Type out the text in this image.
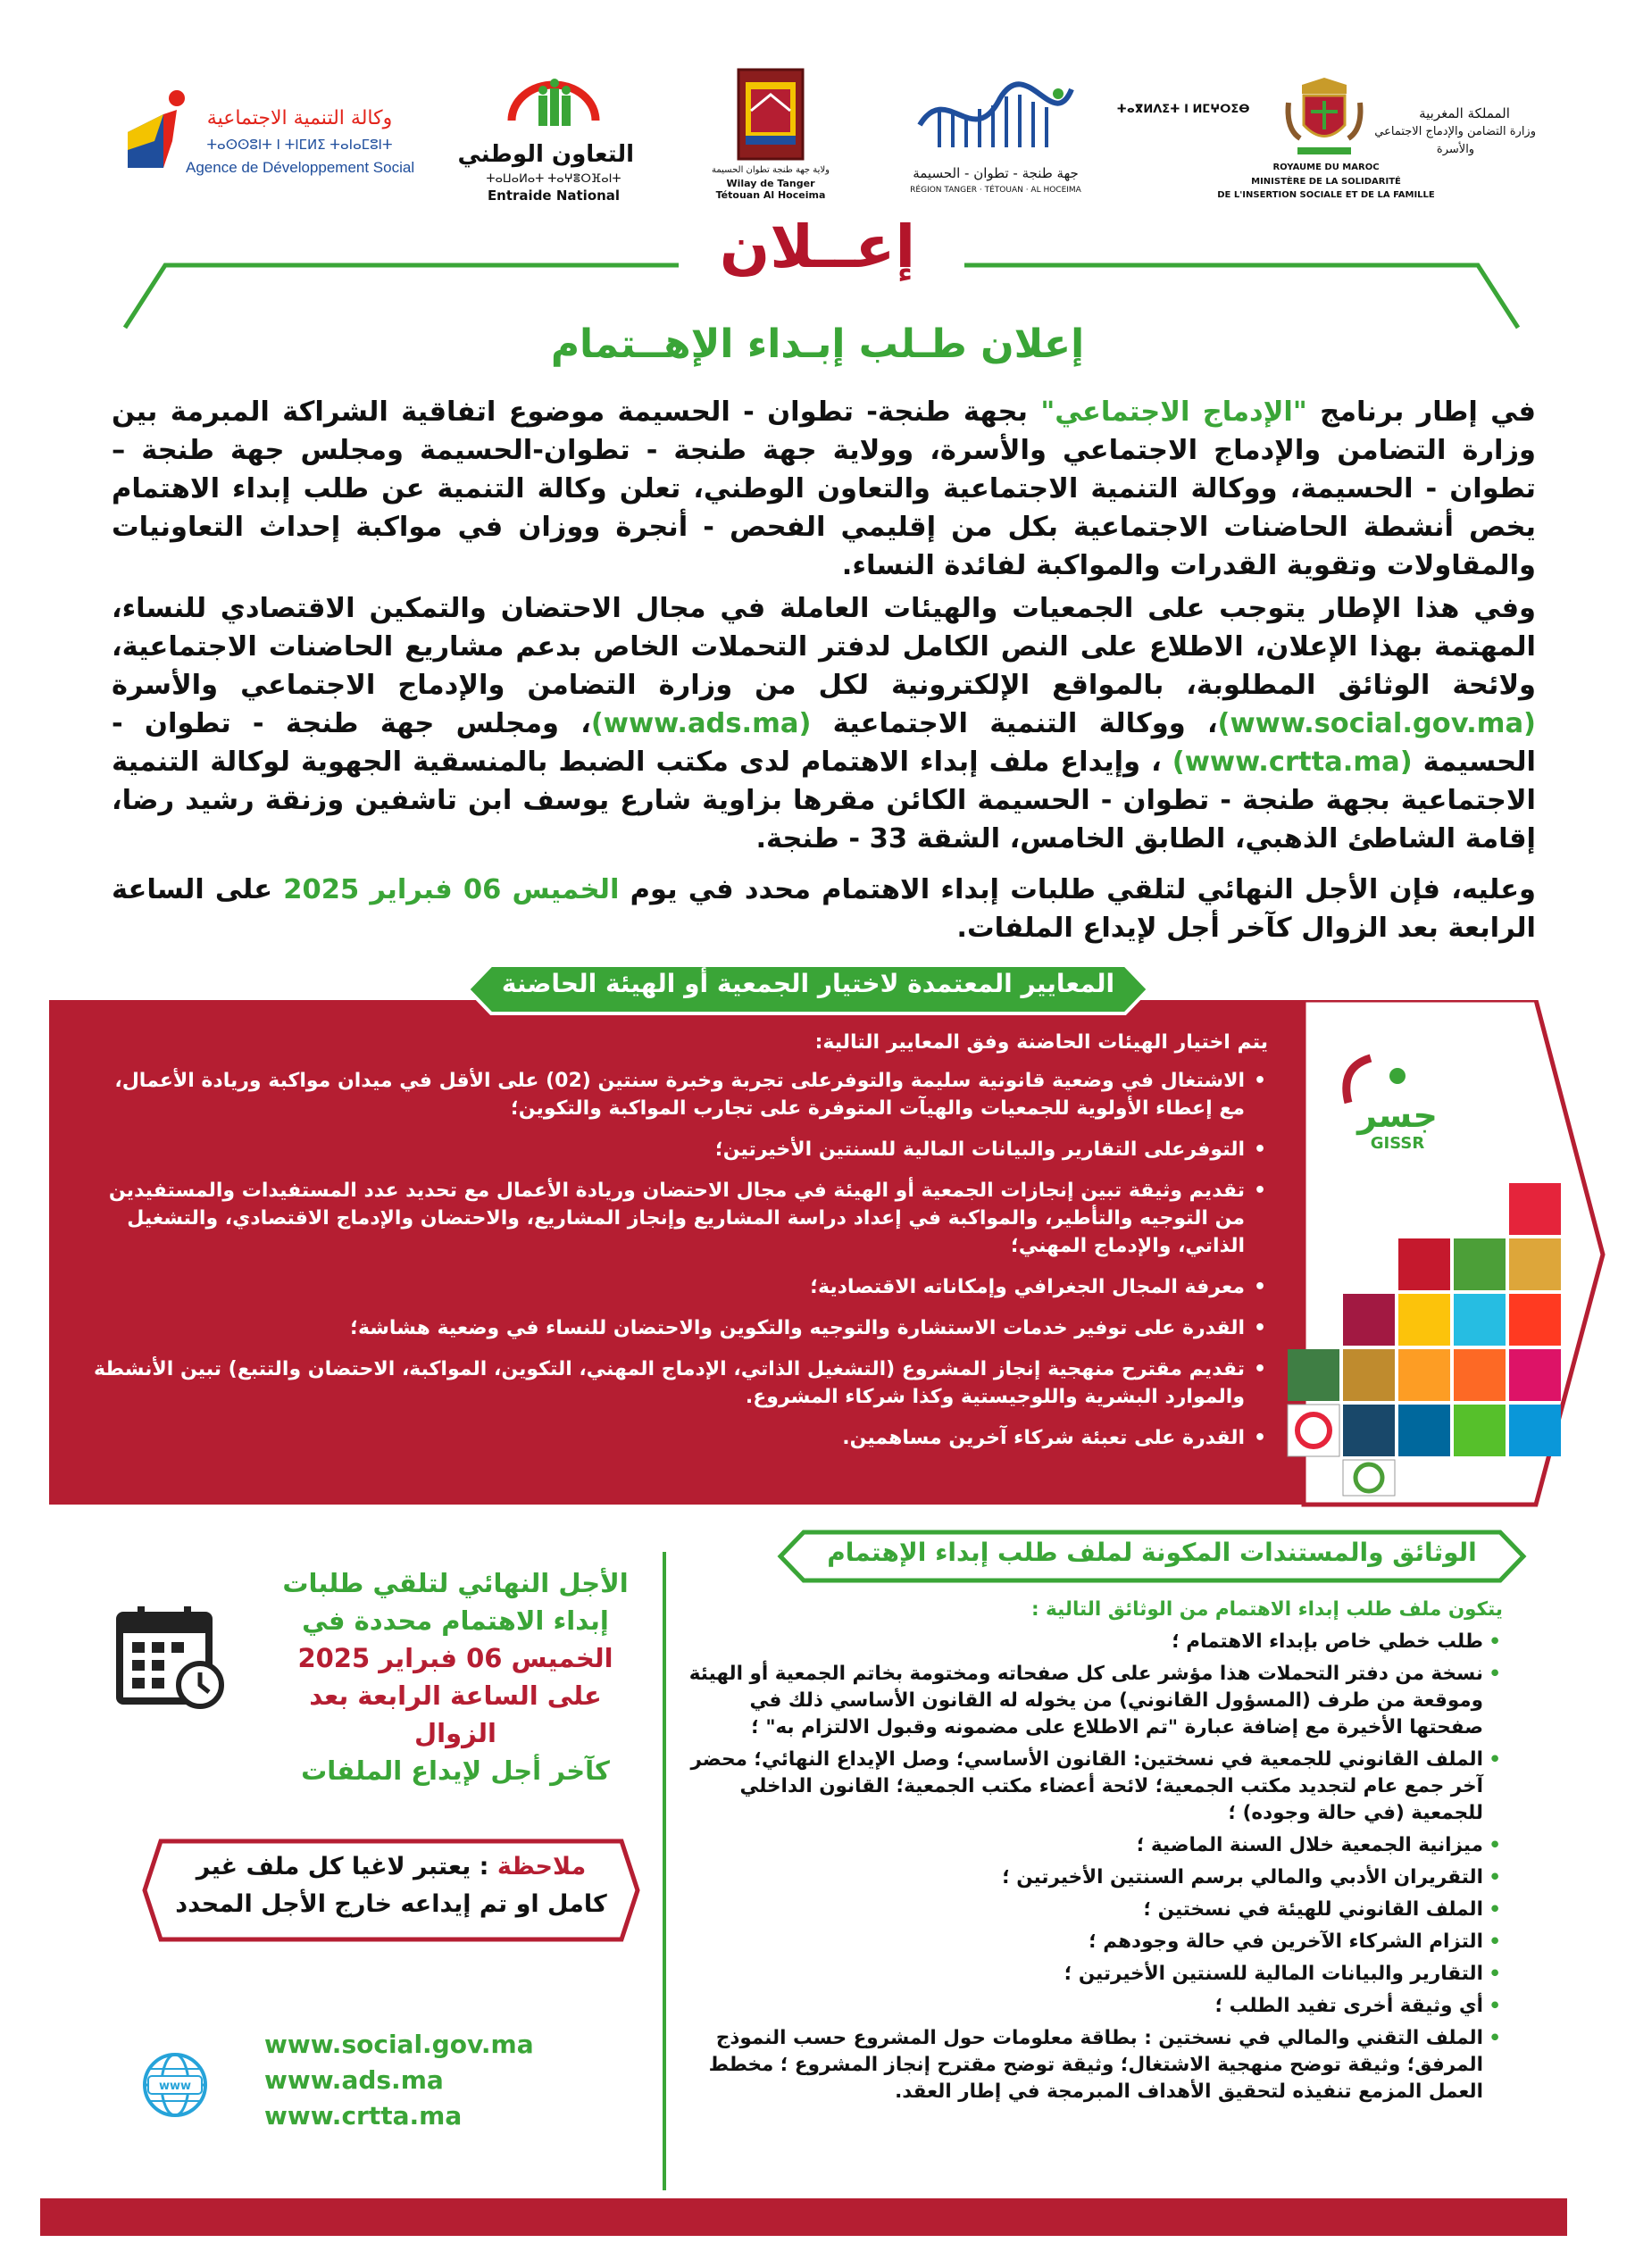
وكالة التنمية الاجتماعية
ⵜⴰⵙⵙⵓⵏⵜ ⵏ ⵜⵏⵎⵍⵉ ⵜⴰⵏⴰⵎⵓⵏⵜ
Agence de Développement Social التعاون الوطني
ⵜⴰⵡⴰⵍⴰⵜ ⵜⴰⵖⴻⵔⴼⴰⵏⵜ
Entraide National
ولاية جهة طنجة تطوان الحسيمة
Wilay de Tanger
Tétouan Al Hoceima
جهة طنجة - تطوان - الحسيمة
RÉGION TANGER · TÉTOUAN · AL HOCEIMA
ⵜⴰⴳⵍⴷⵉⵜ ⵏ ⵍⵎⵖⵔⵉⴱ	المملكة المغربية
وزارة التضامن والإدماج الاجتماعي
والأسرة
ROYAUME DU MAROC
MINISTÈRE DE LA SOLIDARITÉ
DE L'INSERTION SOCIALE ET DE LA FAMILLE
إعــلان
إعلان طـلب إبـداء الإهــتمام
في إطار برنامج "الإدماج الاجتماعي" بجهة طنجة- تطوان - الحسيمة موضوع اتفاقية الشراكة المبرمة بين وزارة التضامن والإدماج الاجتماعي والأسرة، وولاية جهة طنجة - تطوان-الحسيمة ومجلس جهة طنجة – تطوان - الحسيمة، ووكالة التنمية الاجتماعية والتعاون الوطني، تعلن وكالة التنمية عن طلب إبداء الاهتمام يخص أنشطة الحاضنات الاجتماعية بكل من إقليمي الفحص - أنجرة ووزان في مواكبة إحداث التعاونيات والمقاولات وتقوية القدرات والمواكبة لفائدة النساء.
وفي هذا الإطار يتوجب على الجمعيات والهيئات العاملة في مجال الاحتضان والتمكين الاقتصادي للنساء، المهتمة بهذا الإعلان، الاطلاع على النص الكامل لدفتر التحملات الخاص بدعم مشاريع الحاضنات الاجتماعية، ولائحة الوثائق المطلوبة، بالمواقع الإلكترونية لكل من وزارة التضامن والإدماج الاجتماعي والأسرة (www.social.gov.ma)، ووكالة التنمية الاجتماعية (www.ads.ma)، ومجلس جهة طنجة - تطوان - الحسيمة (www.crtta.ma) ، وإيداع ملف إبداء الاهتمام لدى مكتب الضبط بالمنسقية الجهوية لوكالة التنمية الاجتماعية بجهة طنجة - تطوان - الحسيمة الكائن مقرها بزاوية شارع يوسف ابن تاشفين وزنقة رشيد رضا، إقامة الشاطئ الذهبي، الطابق الخامس، الشقة 33 - طنجة.
وعليه، فإن الأجل النهائي لتلقي طلبات إبداء الاهتمام محدد في يوم الخميس 06 فبراير 2025 على الساعة الرابعة بعد الزوال كآخر أجل لإيداع الملفات.
المعايير المعتمدة لاختيار الجمعية أو الهيئة الحاضنة
يتم اختيار الهيئات الحاضنة وفق المعايير التالية:
• الاشتغال في وضعية قانونية سليمة والتوفرعلى تجربة وخبرة سنتين (02) على الأقل في ميدان مواكبة وريادة الأعمال، مع إعطاء الأولوية للجمعيات والهيآت المتوفرة على تجارب المواكبة والتكوين؛
• التوفرعلى التقارير والبيانات المالية للسنتين الأخيرتين؛
• تقديم وثيقة تبين إنجازات الجمعية أو الهيئة في مجال الاحتضان وريادة الأعمال مع تحديد عدد المستفيدات والمستفيدين من التوجيه والتأطير، والمواكبة في إعداد دراسة المشاريع وإنجاز المشاريع، والاحتضان والإدماج الاقتصادي، والتشغيل الذاتي، والإدماج المهني؛
• معرفة المجال الجغرافي وإمكاناته الاقتصادية؛
• القدرة على توفير خدمات الاستشارة والتوجيه والتكوين والاحتضان للنساء في وضعية هشاشة؛
• تقديم مقترح منهجية إنجاز المشروع (التشغيل الذاتي، الإدماج المهني، التكوين، المواكبة، الاحتضان والتتبع) تبين الأنشطة والموارد البشرية واللوجيستية وكذا شركاء المشروع.
• القدرة على تعبئة شركاء آخرين مساهمين.
جسر
GISSR
الوثائق والمستندات المكونة لملف طلب إبداء الإهتمام
يتكون ملف طلب إبداء الاهتمام من الوثائق التالية :
• طلب خطي خاص بإبداء الاهتمام ؛
• نسخة من دفتر التحملات هذا مؤشر على كل صفحاته ومختومة بخاتم الجمعية أو الهيئة وموقعة من طرف (المسؤول القانوني) من يخوله له القانون الأساسي ذلك في صفحتها الأخيرة مع إضافة عبارة "تم الاطلاع على مضمونه وقبول الالتزام به" ؛
• الملف القانوني للجمعية في نسختين: القانون الأساسي؛ وصل الإيداع النهائي؛ محضر آخر جمع عام لتجديد مكتب الجمعية؛ لائحة أعضاء مكتب الجمعية؛ القانون الداخلي للجمعية (في حالة وجوده) ؛
• ميزانية الجمعية خلال السنة الماضية ؛
• التقريران الأدبي والمالي برسم السنتين الأخيرتين ؛
• الملف القانوني للهيئة في نسختين ؛
• التزام الشركاء الآخرين في حالة وجودهم ؛
• التقارير والبيانات المالية للسنتين الأخيرتين ؛
• أي وثيقة أخرى تفيد الطلب ؛
• الملف التقني والمالي في نسختين : بطاقة معلومات حول المشروع حسب النموذج المرفق؛ وثيقة توضح منهجية الاشتغال؛ وثيقة توضح مقترح إنجاز المشروع ؛ مخطط العمل المزمع تنفيذه لتحقيق الأهداف المبرمجة في إطار العقد.
الأجل النهائي لتلقي طلبات
إبداء الاهتمام محددة في
الخميس 06 فبراير 2025
على الساعة الرابعة بعد الزوال
كآخر أجل لإيداع الملفات
ملاحظة : يعتبر لاغيا كل ملف غير
كامل او تم إيداعه خارج الأجل المحدد
www
www.social.gov.ma
www.ads.ma
www.crtta.ma
